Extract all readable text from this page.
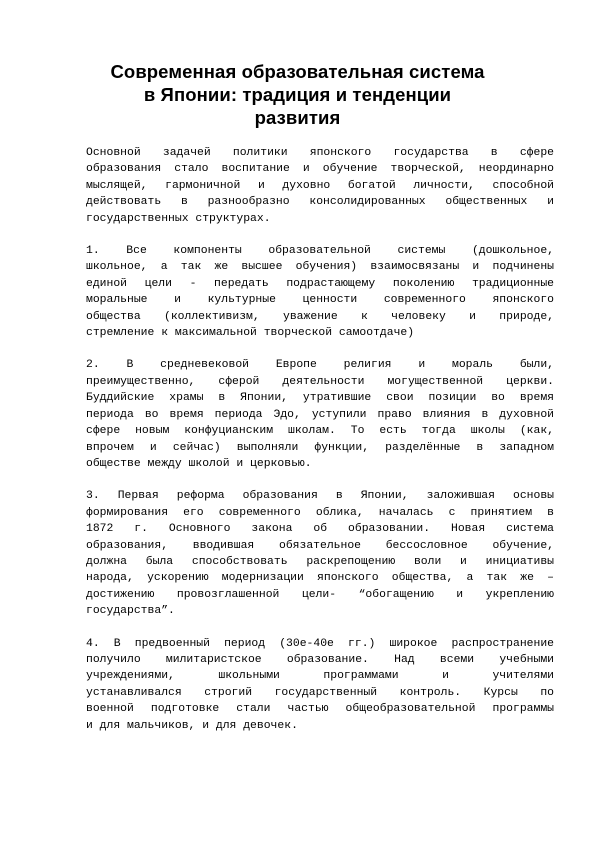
Современная образовательная система
в Японии: традиция и тенденции
развития

Основной задачей политики японского государства в сфере
образования стало воспитание и обучение творческой, неординарно
мыслящей, гармоничной и духовно богатой личности, способной
действовать в разнообразно консолидированных общественных и
государственных структурах.

1. Все компоненты образовательной системы (дошкольное,
школьное, а так же высшее обучения) взаимосвязаны и подчинены
единой цели - передать подрастающему поколению традиционные
моральные и культурные ценности современного японского
общества (коллективизм, уважение к человеку и природе,
стремление к максимальной творческой самоотдаче)

2. В средневековой Европе религия и мораль были,
преимущественно, сферой деятельности могущественной церкви.
Буддийские храмы в Японии, утратившие свои позиции во время
периода во время периода Эдо, уступили право влияния в духовной
сфере новым конфуцианским школам. То есть тогда школы (как,
впрочем и сейчас) выполняли функции, разделённые в западном
обществе между школой и церковью.

3. Первая реформа образования в Японии, заложившая основы
формирования его современного облика, началась с принятием в
1872 г. Основного закона об образовании. Новая система
образования, вводившая обязательное бессословное обучение,
должна была способствовать раскрепощению воли и инициативы
народа, ускорению модернизации японского общества, а так же –
достижению провозглашенной цели- “обогащению и укреплению
государства”.

4. В предвоенный период (30е-40е гг.) широкое распространение
получило милитаристское образование. Над всеми учебными
учреждениями, школьными программами и учителями
устанавливался строгий государственный контроль. Курсы по
военной подготовке стали частью общеобразовательной программы
и для мальчиков, и для девочек.
